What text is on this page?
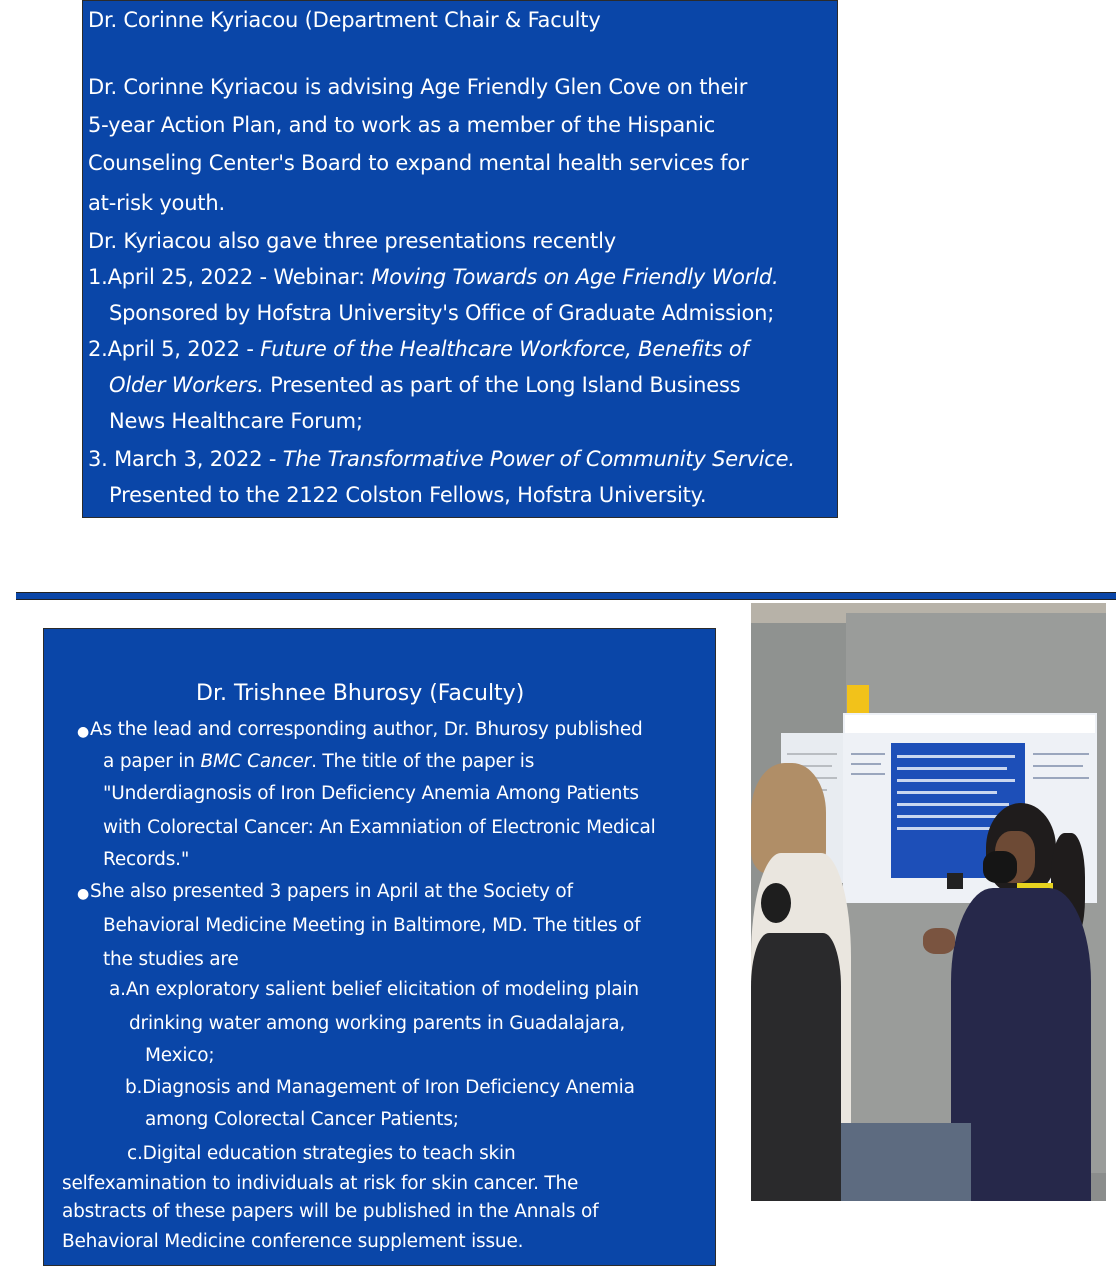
Dr. Corinne Kyriacou (Department Chair & Faculty
Dr. Corinne Kyriacou is advising Age Friendly Glen Cove on their
5-year Action Plan, and to work as a member of the Hispanic
Counseling Center's Board to expand mental health services for
at-risk youth.
Dr. Kyriacou also gave three presentations recently
1.April 25, 2022 - Webinar: Moving Towards on Age Friendly World.
Sponsored by Hofstra University's Office of Graduate Admission;
2.April 5, 2022 - Future of the Healthcare Workforce, Benefits of
Older Workers. Presented as part of the Long Island Business
News Healthcare Forum;
3. March 3, 2022 - The Transformative Power of Community Service.
Presented to the 2122 Colston Fellows, Hofstra University.
Dr. Trishnee Bhurosy (Faculty)
● As the lead and corresponding author, Dr. Bhurosy published
a paper in BMC Cancer. The title of the paper is
"Underdiagnosis of Iron Deficiency Anemia Among Patients
with Colorectal Cancer: An Examniation of Electronic Medical
Records."
● She also presented 3 papers in April at the Society of
Behavioral Medicine Meeting in Baltimore, MD. The titles of
the studies are
a.An exploratory salient belief elicitation of modeling plain
drinking water among working parents in Guadalajara,
Mexico;
b.Diagnosis and Management of Iron Deficiency Anemia
among Colorectal Cancer Patients;
c.Digital education strategies to teach skin
selfexamination to individuals at risk for skin cancer. The
abstracts of these papers will be published in the Annals of
Behavioral Medicine conference supplement issue.
